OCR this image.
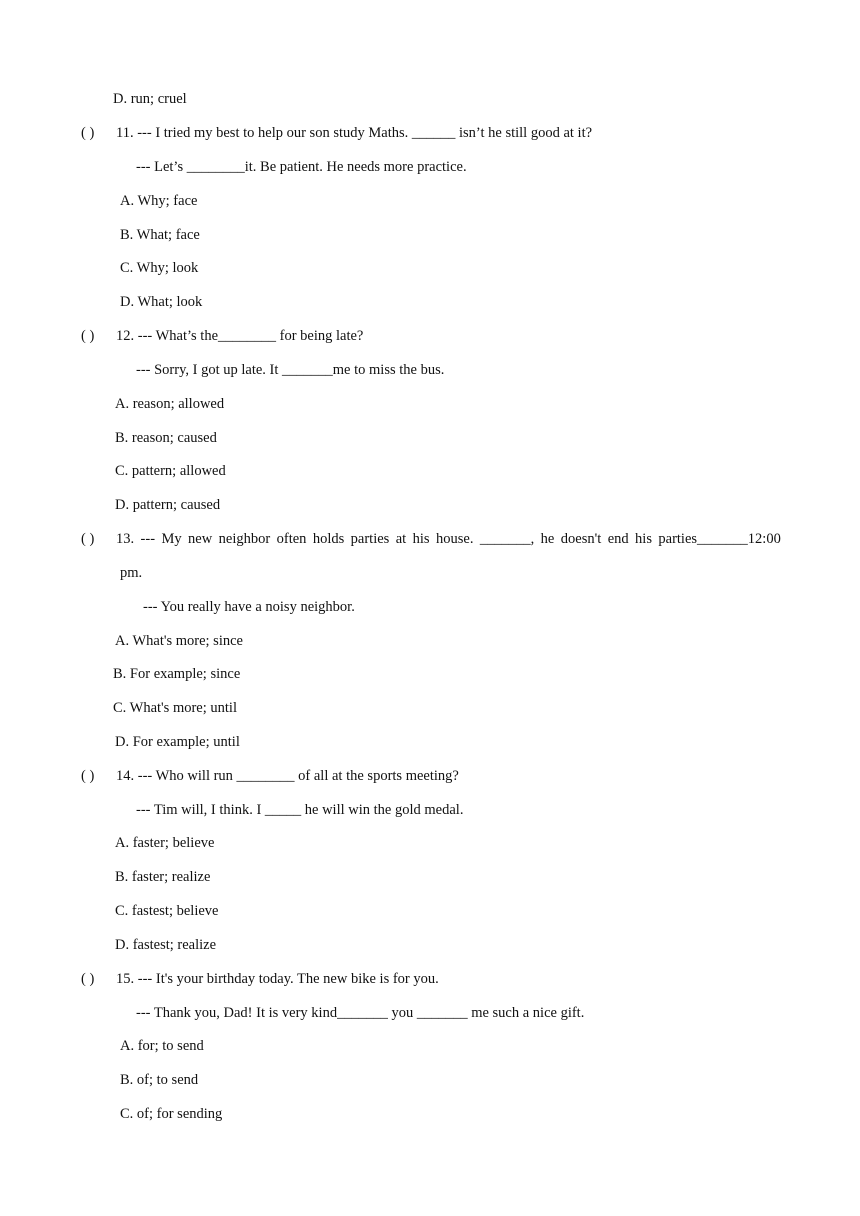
D. run; cruel
( ) 11. --- I tried my best to help our son study Maths. ______ isn’t he still good at it?
--- Let’s ________it. Be patient. He needs more practice.
A. Why; face
B. What; face
C. Why; look
D. What; look
( ) 12. --- What’s the________ for being late?
--- Sorry, I got up late. It _______me to miss the bus.
A. reason; allowed
B. reason; caused
C. pattern; allowed
D. pattern; caused
( ) 13. --- My new neighbor often holds parties at his house. _______, he doesn't end his parties_______12:00
pm.
--- You really have a noisy neighbor.
A. What's more; since
B. For example; since
C. What's more; until
D. For example; until
( ) 14. --- Who will run ________ of all at the sports meeting?
--- Tim will, I think. I _____ he will win the gold medal.
A. faster; believe
B. faster; realize
C. fastest; believe
D. fastest; realize
( ) 15. --- It's your birthday today. The new bike is for you.
--- Thank you, Dad! It is very kind_______ you _______ me such a nice gift.
A. for; to send
B. of; to send
C. of; for sending
